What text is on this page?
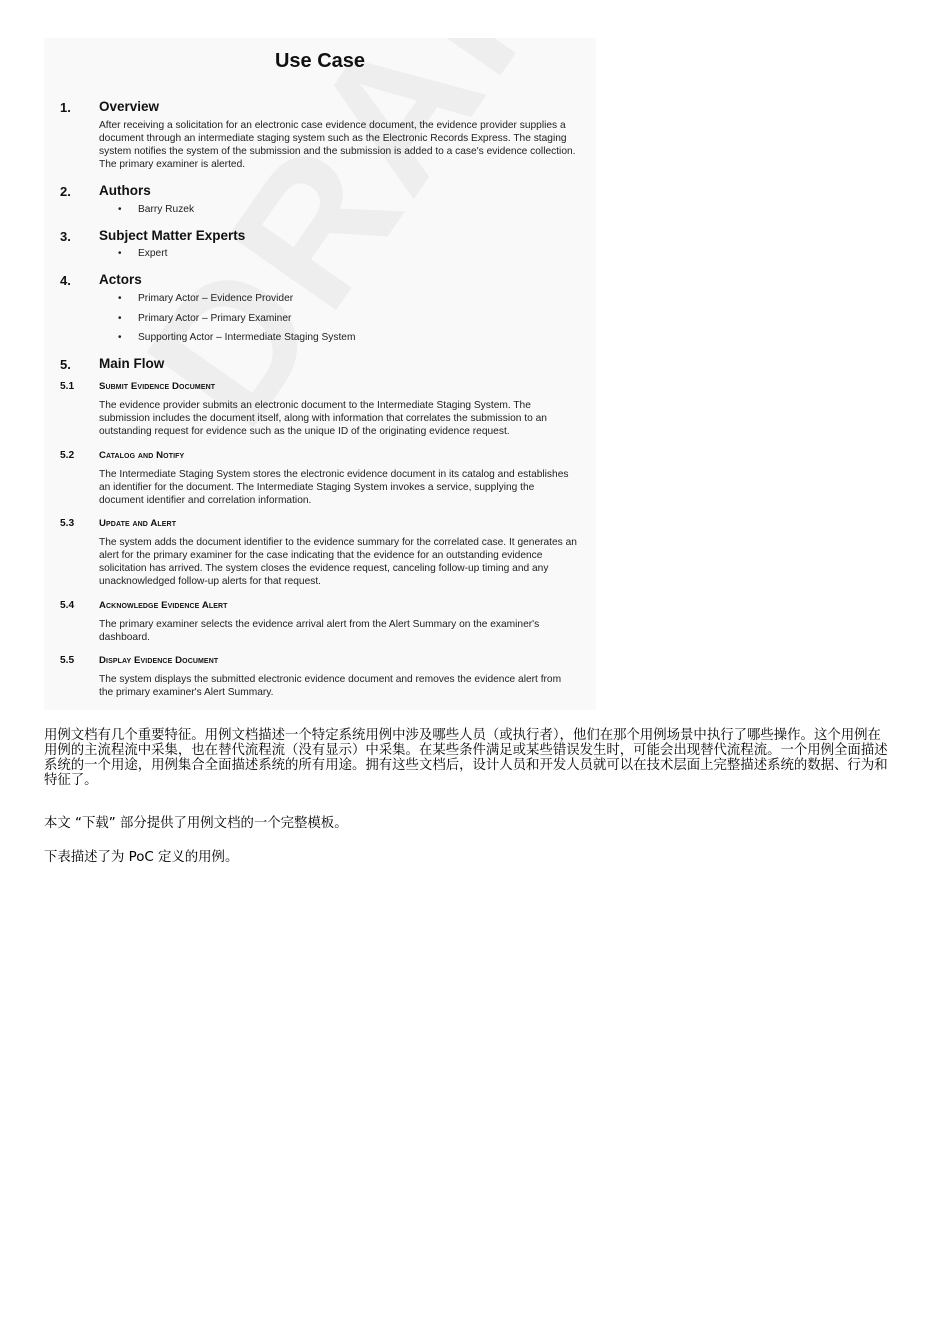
Use Case
1. Overview
After receiving a solicitation for an electronic case evidence document, the evidence provider supplies a document through an intermediate staging system such as the Electronic Records Express. The staging system notifies the system of the submission and the submission is added to a case's evidence collection. The primary examiner is alerted.
2. Authors
• Barry Ruzek
3. Subject Matter Experts
• Expert
4. Actors
• Primary Actor – Evidence Provider
• Primary Actor – Primary Examiner
• Supporting Actor – Intermediate Staging System
5. Main Flow
5.1	Submit Evidence Document
The evidence provider submits an electronic document to the Intermediate Staging System. The submission includes the document itself, along with information that correlates the submission to an outstanding request for evidence such as the unique ID of the originating evidence request.
5.2	Catalog and Notify
The Intermediate Staging System stores the electronic evidence document in its catalog and establishes an identifier for the document. The Intermediate Staging System invokes a service, supplying the document identifier and correlation information.
5.3	Update and Alert
The system adds the document identifier to the evidence summary for the correlated case. It generates an alert for the primary examiner for the case indicating that the evidence for an outstanding evidence solicitation has arrived. The system closes the evidence request, canceling follow-up timing and any unacknowledged follow-up alerts for that request.
5.4	Acknowledge Evidence Alert
The primary examiner selects the evidence arrival alert from the Alert Summary on the examiner's dashboard.
5.5	Display Evidence Document
The system displays the submitted electronic evidence document and removes the evidence alert from the primary examiner's Alert Summary.
用例文档有几个重要特征。用例文档描述一个特定系统用例中涉及哪些人员（或执行者），他们在那个用例场景中执行了哪些操作。这个用例在用例的主流程流中采集，也在替代流程流（没有显示）中采集。在某些条件满足或某些错误发生时，可能会出现替代流程流。一个用例全面描述系统的一个用途，用例集合全面描述系统的所有用途。拥有这些文档后，设计人员和开发人员就可以在技术层面上完整描述系统的数据、行为和特征了。
本文 “下载” 部分提供了用例文档的一个完整模板。
下表描述了为 PoC 定义的用例。
